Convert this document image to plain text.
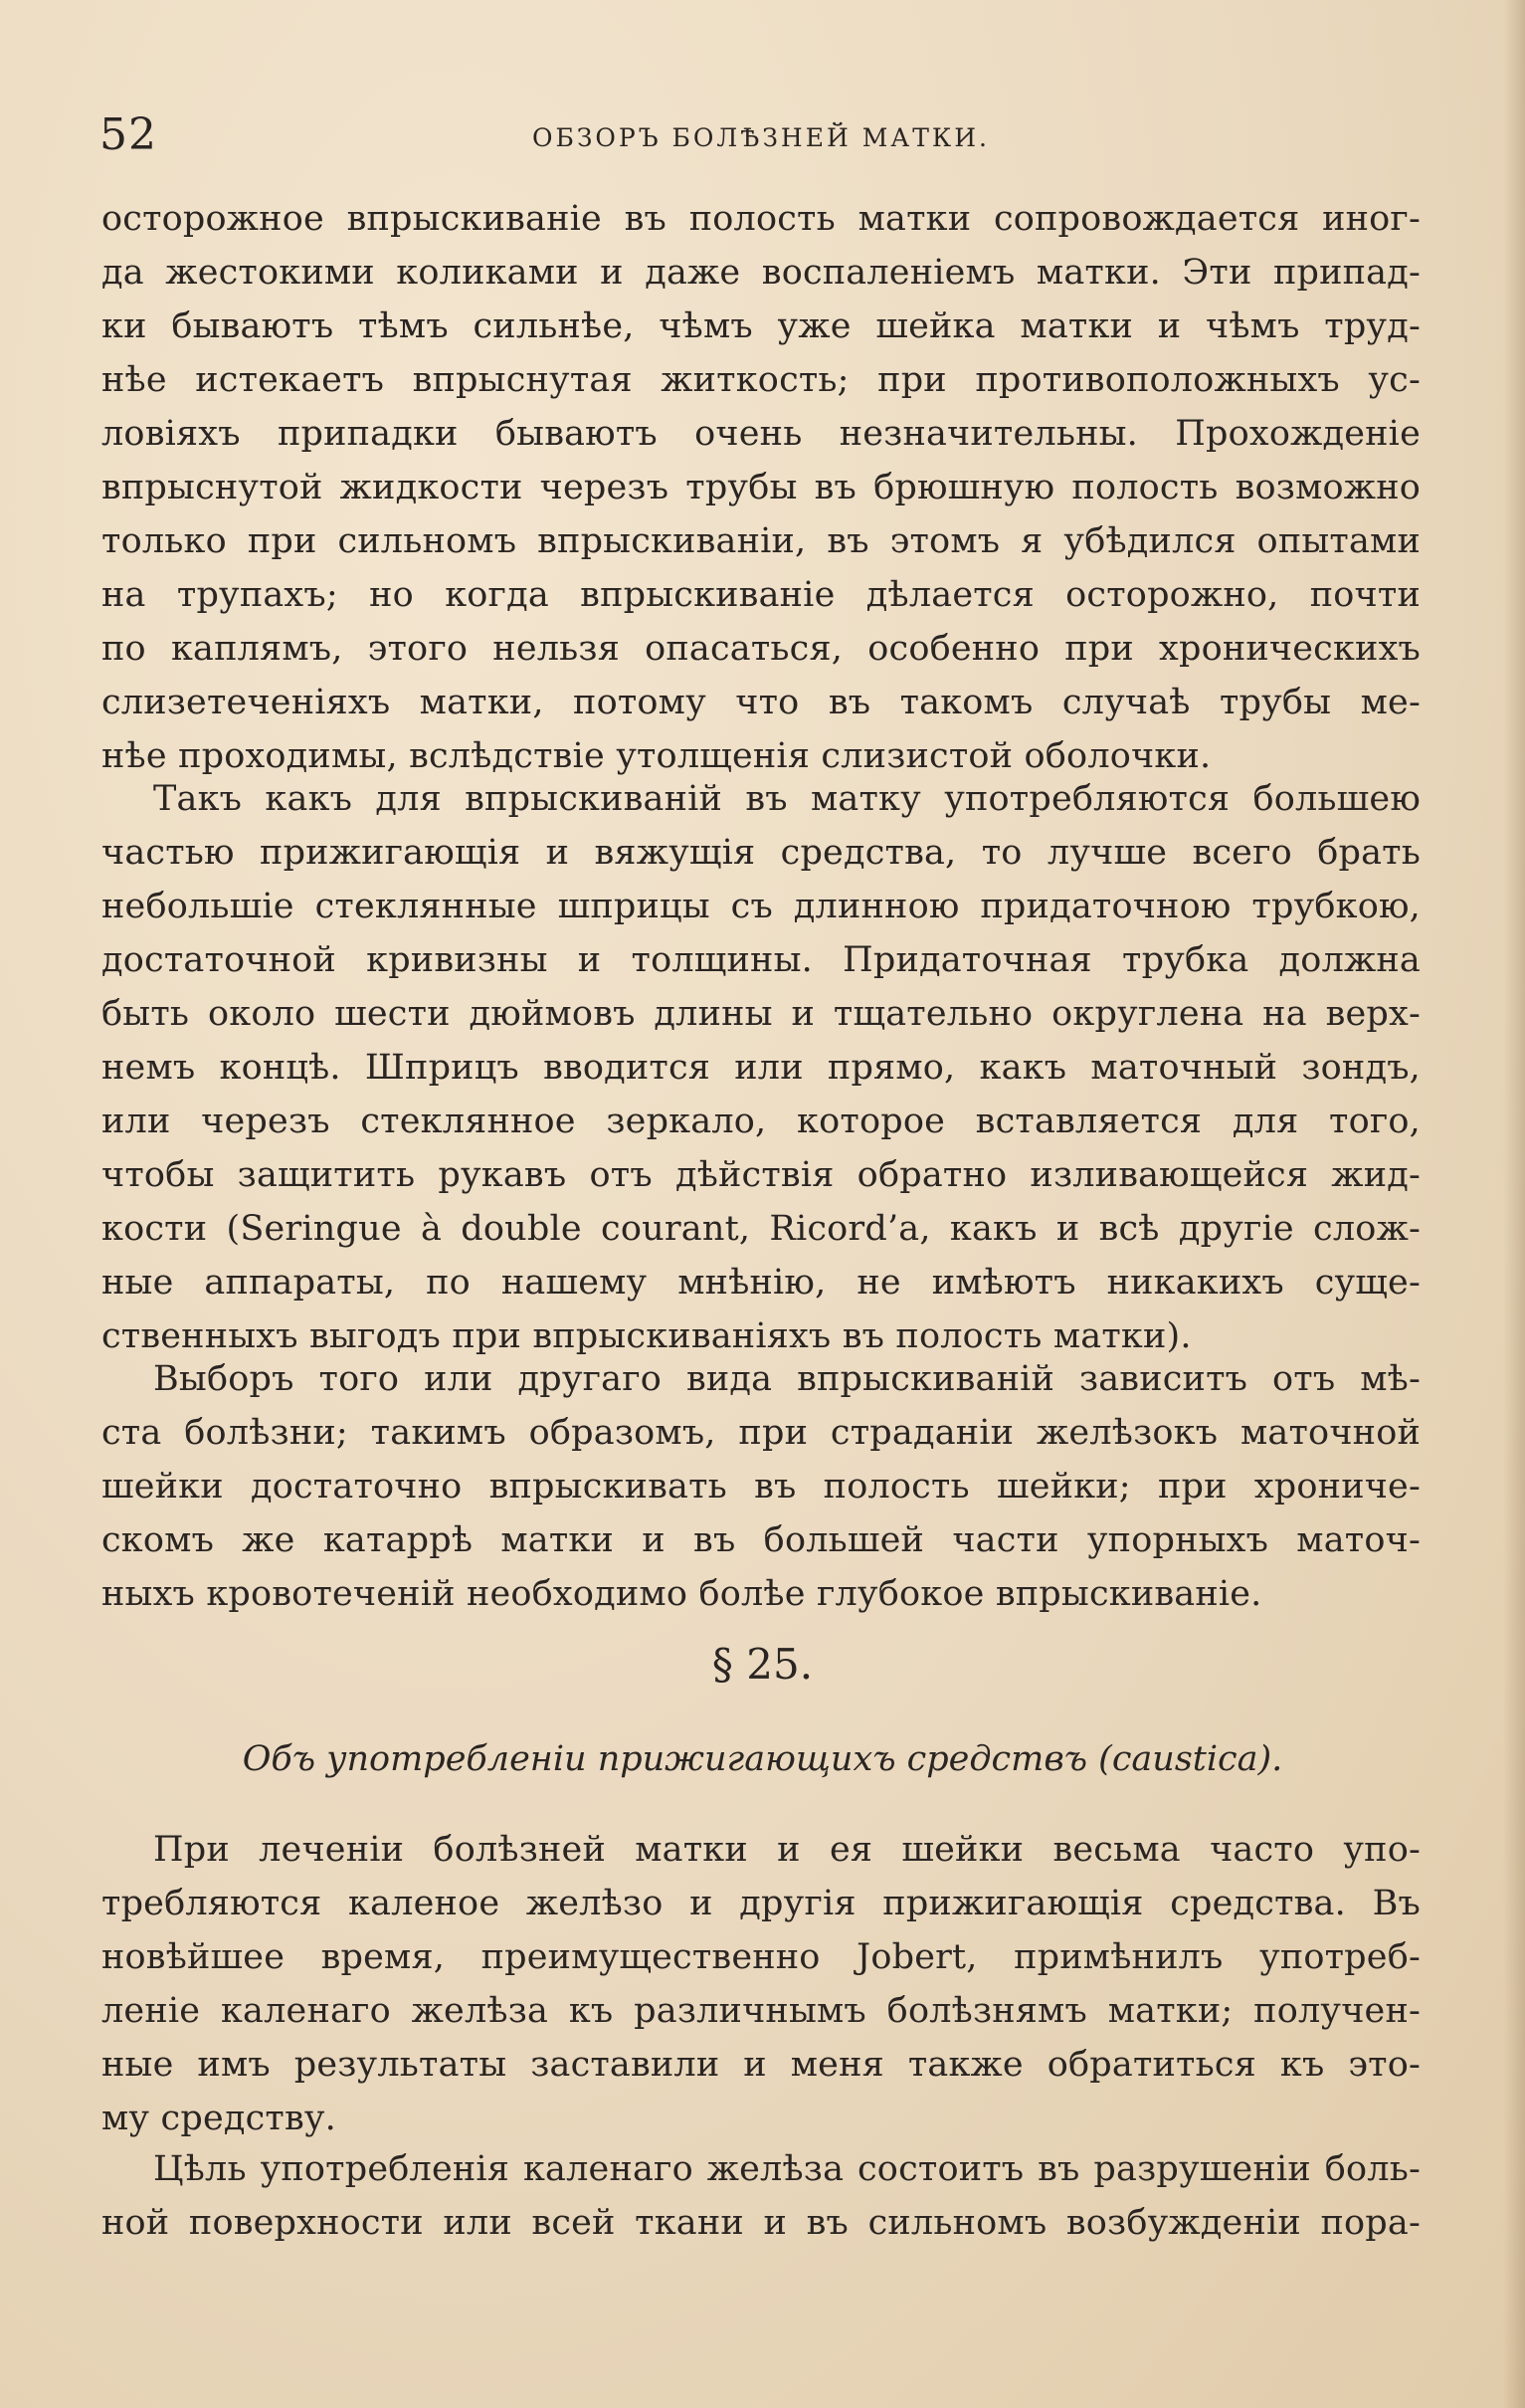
52	ОБЗОРЪ БОЛѢЗНЕЙ МАТКИ.

осторожное впрыскиванiе въ полость матки сопровождается иног-
да жестокими коликами и даже воспаленiемъ матки. Эти припад-
ки бываютъ тѣмъ сильнѣе, чѣмъ уже шейка матки и чѣмъ труд-
нѣе истекаетъ впрыснутая житкость; при противоположныхъ ус-
ловiяхъ припадки бываютъ очень незначительны. Прохожденiе
впрыснутой жидкости черезъ трубы въ брюшную полость возможно
только при сильномъ впрыскиванiи, въ этомъ я убѣдился опытами
на трупахъ; но когда впрыскиванiе дѣлается осторожно, почти
по каплямъ, этого нельзя опасаться, особенно при хроническихъ
слизетеченiяхъ матки, потому что въ такомъ случаѣ трубы ме-
нѣе проходимы, вслѣдствiе утолщенiя слизистой оболочки.

Такъ какъ для впрыскиванiй въ матку употребляются большею
частью прижигающiя и вяжущiя средства, то лучше всего брать
небольшiе стеклянные шприцы съ длинною придаточною трубкою,
достаточной кривизны и толщины. Придаточная трубка должна
быть около шести дюймовъ длины и тщательно округлена на верх-
немъ концѣ. Шприцъ вводится или прямо, какъ маточный зондъ,
или черезъ стеклянное зеркало, которое вставляется для того,
чтобы защитить рукавъ отъ дѣйствiя обратно изливающейся жид-
кости (Seringue à double courant, Ricord’a, какъ и всѣ другiе слож-
ные аппараты, по нашему мнѣнiю, не имѣютъ никакихъ суще-
ственныхъ выгодъ при впрыскиванiяхъ въ полость матки).

Выборъ того или другаго вида впрыскиванiй зависитъ отъ мѣ-
ста болѣзни; такимъ образомъ, при страданiи желѣзокъ маточной
шейки достаточно впрыскивать въ полость шейки; при хрониче-
скомъ же катаррѣ матки и въ большей части упорныхъ маточ-
ныхъ кровотеченiй необходимо болѣе глубокое впрыскиванiе.

§ 25.
Объ употребленiи прижигающихъ средствъ (caustica).

При леченiи болѣзней матки и ея шейки весьма часто упо-
требляются каленое желѣзо и другiя прижигающiя средства. Въ
новѣйшее время, преимущественно Jobert, примѣнилъ употреб-
ленiе каленаго желѣза къ различнымъ болѣзнямъ матки; получен-
ные имъ результаты заставили и меня также обратиться къ это-
му средству.

Цѣль употребленiя каленаго желѣза состоитъ въ разрушенiи боль-
ной поверхности или всей ткани и въ сильномъ возбужденiи пора-
